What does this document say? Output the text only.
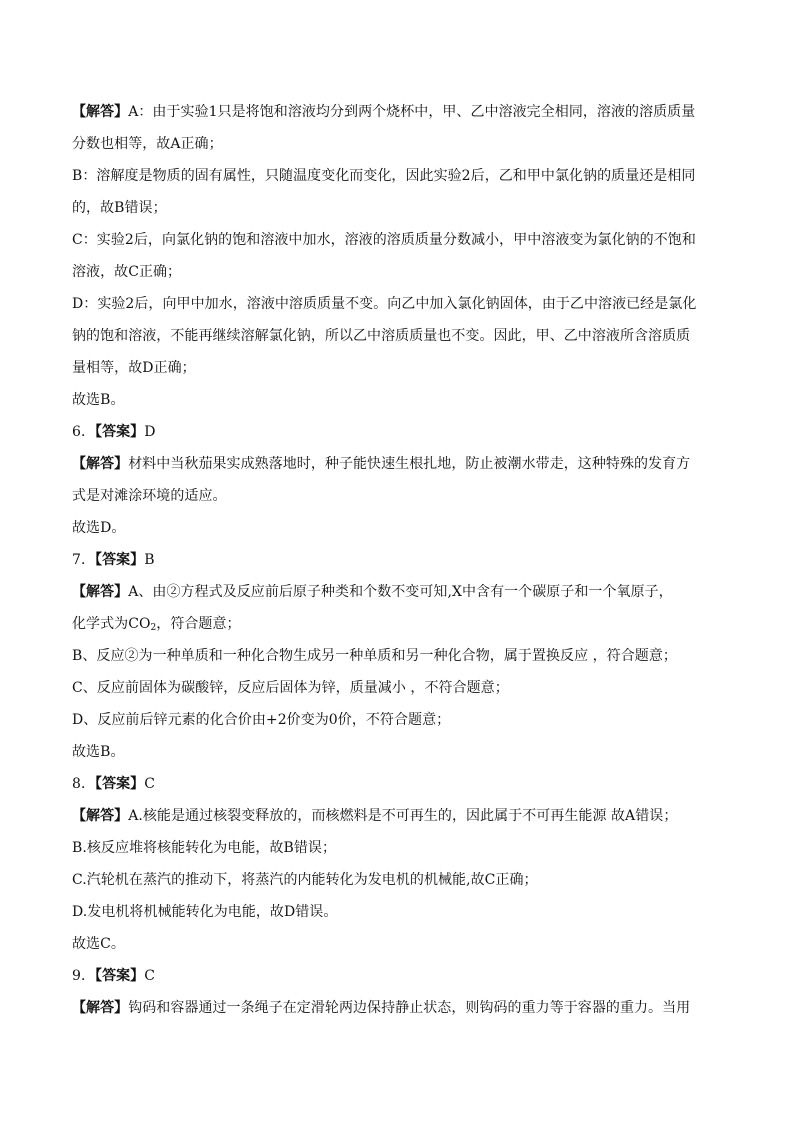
【解答】A：由于实验1只是将饱和溶液均分到两个烧杯中，甲、乙中溶液完全相同，溶液的溶质质量
分数也相等，故A正确；
B：溶解度是物质的固有属性，只随温度变化而变化，因此实验2后，乙和甲中氯化钠的质量还是相同
的，故B错误；
C：实验2后，向氯化钠的饱和溶液中加水，溶液的溶质质量分数减小，甲中溶液变为氯化钠的不饱和
溶液，故C正确；
D：实验2后，向甲中加水，溶液中溶质质量不变。向乙中加入氯化钠固体，由于乙中溶液已经是氯化
钠的饱和溶液，不能再继续溶解氯化钠，所以乙中溶质质量也不变。因此，甲、乙中溶液所含溶质质
量相等，故D正确；
故选B。
6．【答案】D
【解答】材料中当秋茄果实成熟落地时，种子能快速生根扎地，防止被潮水带走，这种特殊的发育方
式是对滩涂环境的适应。
故选D。
7．【答案】B
【解答】A、由②方程式及反应前后原子种类和个数不变可知,X中含有一个碳原子和一个氧原子，
化学式为$CO_2$，符合题意；
B、反应②为一种单质和一种化合物生成另一种单质和另一种化合物，属于置换反应 ，符合题意；
C、反应前固体为碳酸锌，反应后固体为锌，质量减小 ，不符合题意；
D、反应前后锌元素的化合价由+2价变为0价，不符合题意；
故选B。
8．【答案】C
【解答】A.核能是通过核裂变释放的，而核燃料是不可再生的，因此属于不可再生能源 故A错误；
B.核反应堆将核能转化为电能，故B错误；
C.汽轮机在蒸汽的推动下，将蒸汽的内能转化为发电机的机械能,故C正确；
D.发电机将机械能转化为电能，故D错误。
故选C。
9．【答案】C
【解答】钩码和容器通过一条绳子在定滑轮两边保持静止状态，则钩码的重力等于容器的重力。当用
